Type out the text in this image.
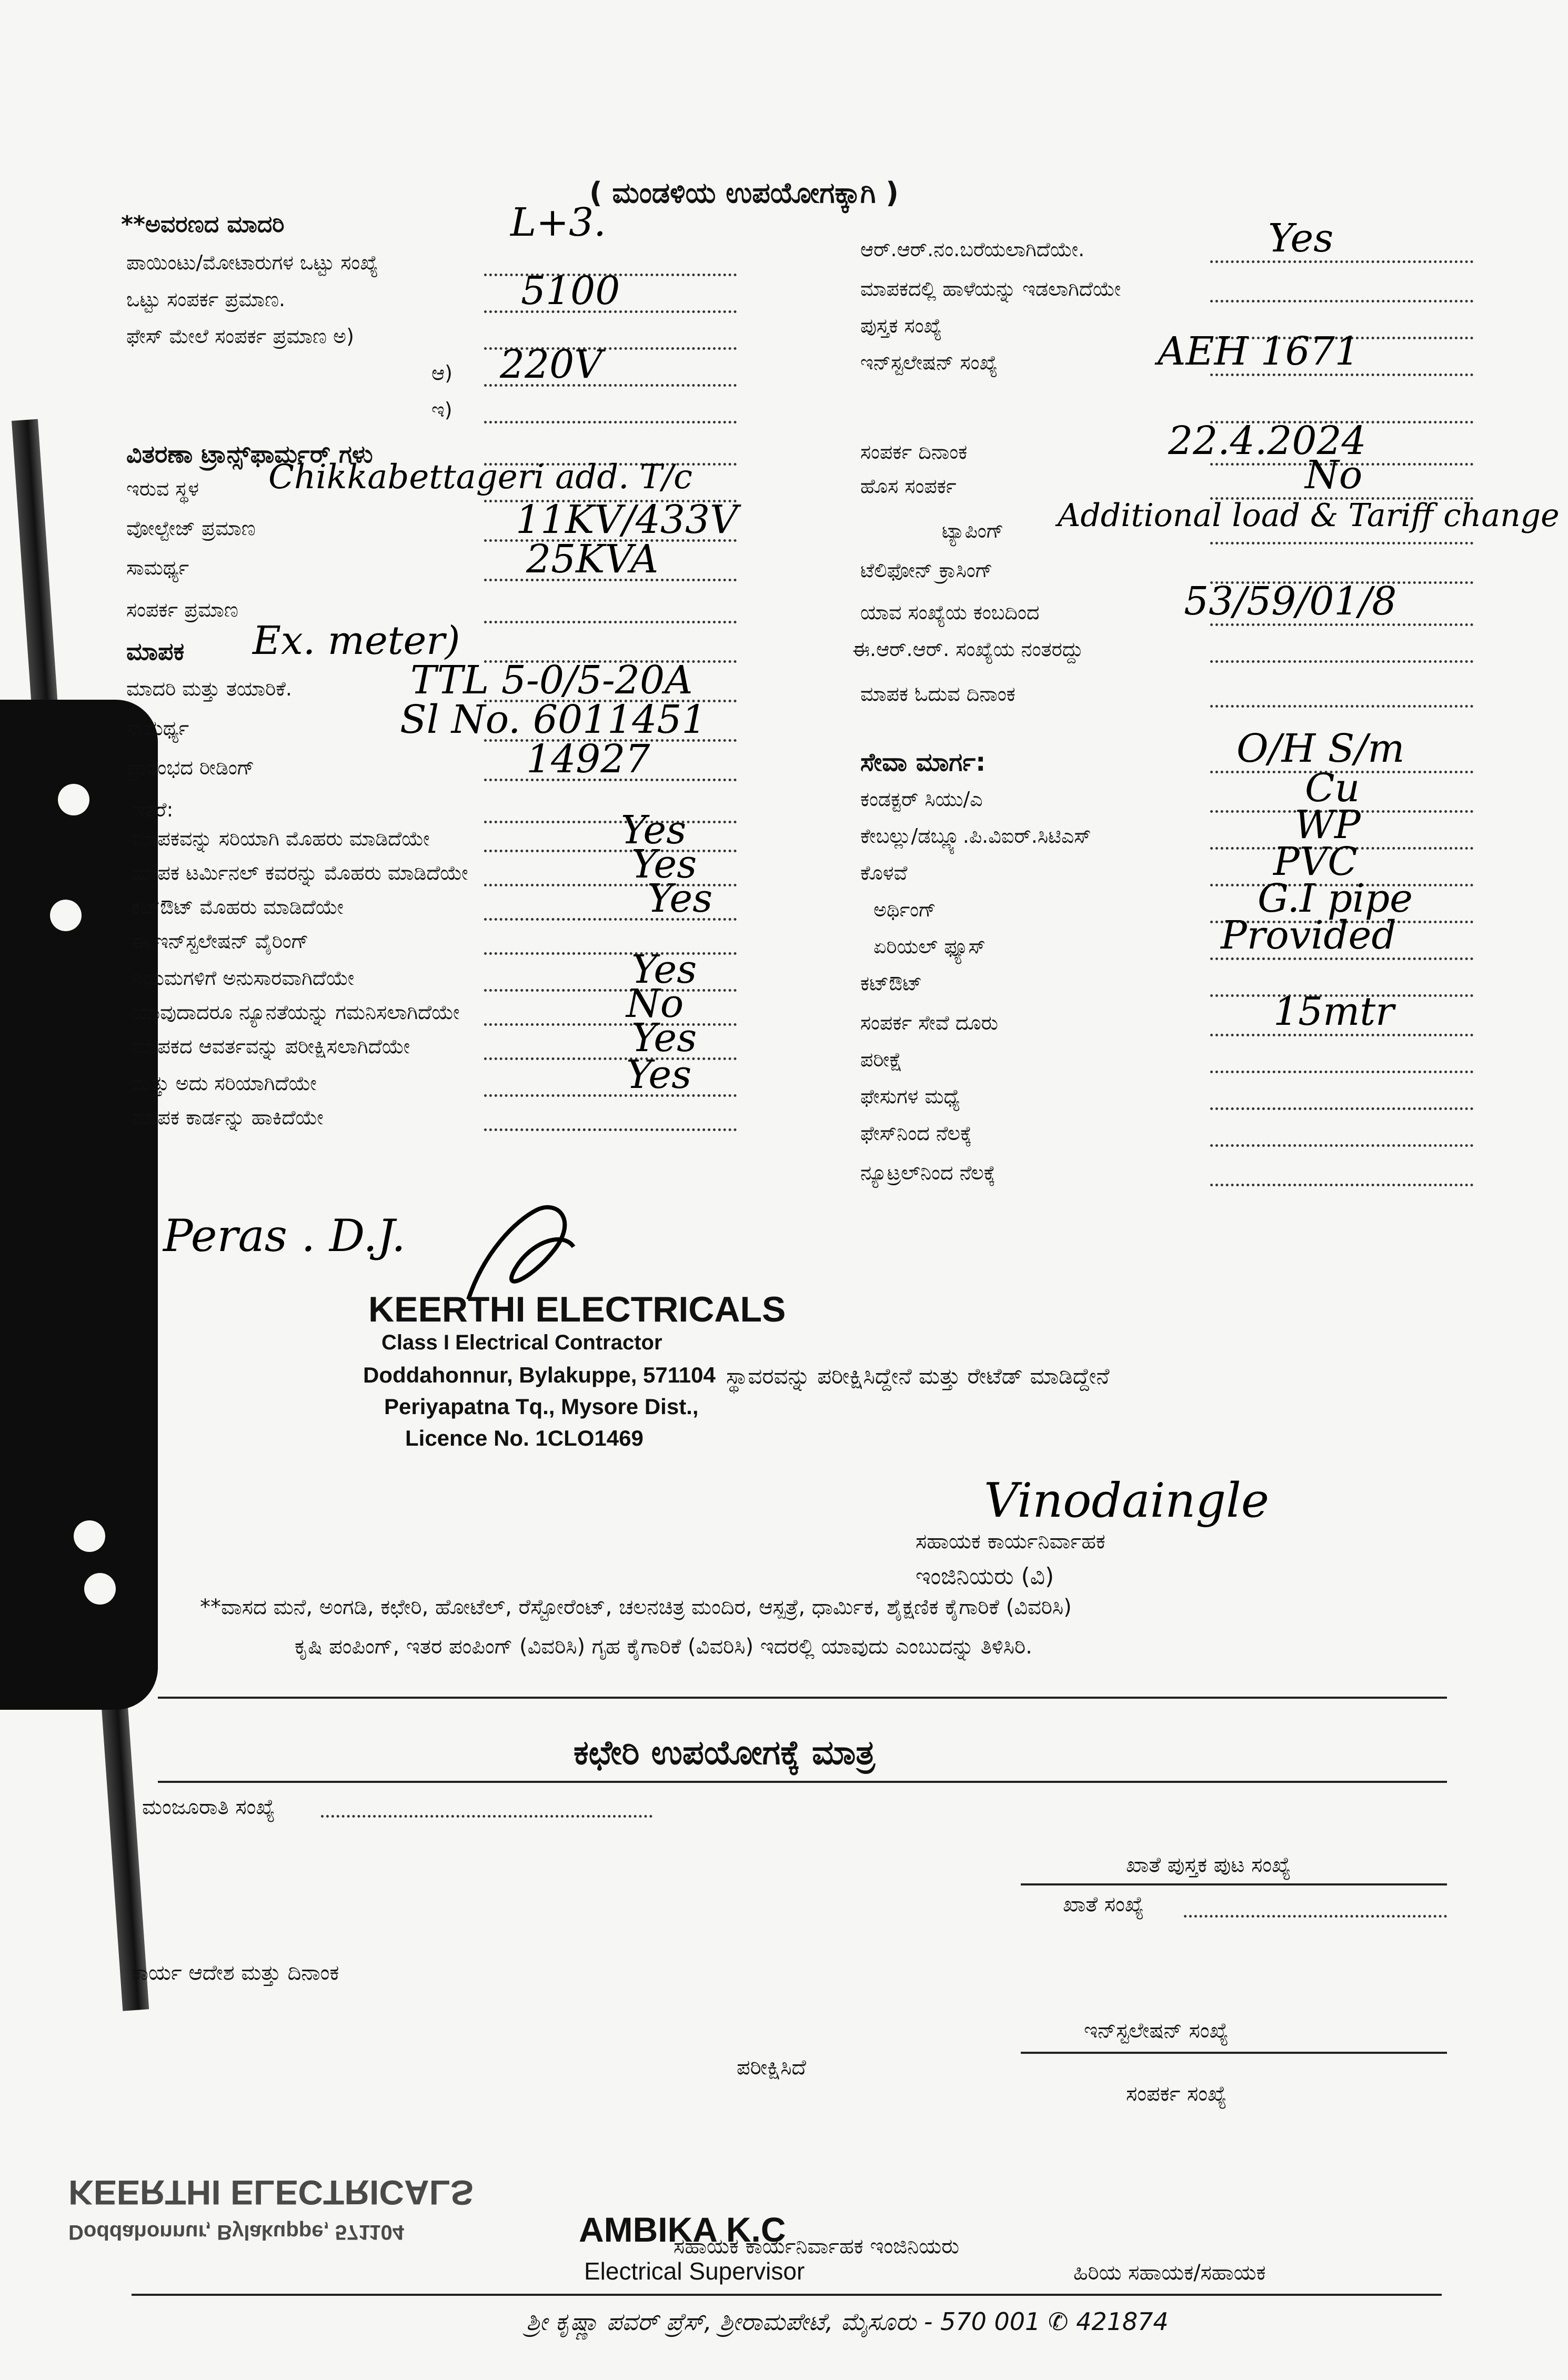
( ಮಂಡಳಿಯ ಉಪಯೋಗಕ್ಕಾಗಿ )
**ಅವರಣದ ಮಾದರಿ	L+3.
ಪಾಯಿಂಟು/ಮೋಟಾರುಗಳ ಒಟ್ಟು ಸಂಖ್ಯೆ
ಒಟ್ಟು ಸಂಪರ್ಕ ಪ್ರಮಾಣ.	5100
ಫೇಸ್ ಮೇಲೆ ಸಂಪರ್ಕ ಪ್ರಮಾಣ ಅ)
ಆ) 220V
ಇ)
ವಿತರಣಾ ಟ್ರಾನ್ಸ್‌ಫಾರ್ಮರ್ ಗಳು
ಇರುವ ಸ್ಥಳ Chikkabettageri add. T/c
ವೋಲ್ಟೇಜ್ ಪ್ರಮಾಣ	11KV/433V
ಸಾಮರ್ಥ್ಯ	25KVA
ಸಂಪರ್ಕ ಪ್ರಮಾಣ
ಮಾಪಕ Ex. meter)
ಮಾದರಿ ಮತ್ತು ತಯಾರಿಕೆ.	TTL 5-0/5-20A
ಸಾಮರ್ಥ್ಯ	Sl No. 6011451
ಪ್ರಾರಂಭದ ರೀಡಿಂಗ್	14927
ಇತರೆ:
ಮಾಪಕವನ್ನು ಸರಿಯಾಗಿ ಮೊಹರು ಮಾಡಿದೆಯೇ	Yes
ಮಾಪಕ ಟರ್ಮಿನಲ್ ಕವರನ್ನು ಮೊಹರು ಮಾಡಿದೆಯೇ	Yes
ಕಟ್‌ಔಟ್ ಮೊಹರು ಮಾಡಿದೆಯೇ	Yes
ಈ ಇನ್‌ಸ್ಟಲೇಷನ್ ವೈರಿಂಗ್
ನಿಯಮಗಳಿಗೆ ಅನುಸಾರವಾಗಿದೆಯೇ	Yes
ಯಾವುದಾದರೂ ನ್ಯೂನತೆಯನ್ನು ಗಮನಿಸಲಾಗಿದೆಯೇ	No
ಮಾಪಕದ ಆವರ್ತವನ್ನು ಪರೀಕ್ಷಿಸಲಾಗಿದೆಯೇ	Yes
ಮತ್ತು ಅದು ಸರಿಯಾಗಿದೆಯೇ	Yes
ಮಾಪಕ ಕಾರ್ಡನ್ನು ಹಾಕಿದೆಯೇ
ಆರ್.ಆರ್.ನಂ.ಬರೆಯಲಾಗಿದೆಯೇ.	Yes
ಮಾಪಕದಲ್ಲಿ ಹಾಳೆಯನ್ನು ಇಡಲಾಗಿದೆಯೇ
ಪುಸ್ತಕ ಸಂಖ್ಯೆ
ಇನ್‌ಸ್ಟಲೇಷನ್ ಸಂಖ್ಯೆ	AEH 1671
ಸಂಪರ್ಕ ದಿನಾಂಕ	22.4.2024
ಹೊಸ ಸಂಪರ್ಕ	No
ಟ್ಯಾಪಿಂಗ್ Additional load & Tariff change
ಟೆಲಿಫೋನ್ ಕ್ರಾಸಿಂಗ್
ಯಾವ ಸಂಖ್ಯೆಯ ಕಂಬದಿಂದ	53/59/01/8
ಈ.ಆರ್.ಆರ್. ಸಂಖ್ಯೆಯ ನಂತರದ್ದು
ಮಾಪಕ ಓದುವ ದಿನಾಂಕ
ಸೇವಾ ಮಾರ್ಗ:	O/H S/m
ಕಂಡಕ್ಟರ್ ಸಿಯು/ಎ	Cu
ಕೇಬಲ್ಲು/ಡಬ್ಲ್ಯೂ.ಪಿ.ವಿಐರ್.ಸಿಟಿಎಸ್	WP
ಕೊಳವೆ	PVC
ಅರ್ಥಿಂಗ್	G.I pipe
ಏರಿಯಲ್ ಫ್ಯೂಸ್	Provided
ಕಟ್‌ಔಟ್
ಸಂಪರ್ಕ ಸೇವೆ ದೂರು	15mtr
ಪರೀಕ್ಷೆ
ಫೇಸುಗಳ ಮಧ್ಯೆ
ಫೇಸ್‌ನಿಂದ ನೆಲಕ್ಕೆ
ನ್ಯೂಟ್ರಲ್‌ನಿಂದ ನೆಲಕ್ಕೆ
Peras . D.J.
KEERTHI ELECTRICALS
Class I Electrical Contractor
Doddahonnur, Bylakuppe, 571104
Periyapatna Tq., Mysore Dist.,
Licence No. 1CLO1469
ಸ್ಥಾವರವನ್ನು ಪರೀಕ್ಷಿಸಿದ್ದೇನೆ ಮತ್ತು ರೇಟೆಡ್ ಮಾಡಿದ್ದೇನೆ
Vinodaingle
ಸಹಾಯಕ ಕಾರ್ಯನಿರ್ವಾಹಕ
ಇಂಜಿನಿಯರು (ವಿ)
**ವಾಸದ ಮನೆ, ಅಂಗಡಿ, ಕಛೇರಿ, ಹೋಟೆಲ್, ರೆಸ್ಟೋರೆಂಟ್, ಚಲನಚಿತ್ರ ಮಂದಿರ, ಆಸ್ಪತ್ರೆ, ಧಾರ್ಮಿಕ, ಶೈಕ್ಷಣಿಕ ಕೈಗಾರಿಕೆ (ವಿವರಿಸಿ)
ಕೃಷಿ ಪಂಪಿಂಗ್, ಇತರ ಪಂಪಿಂಗ್ (ವಿವರಿಸಿ) ಗೃಹ ಕೈಗಾರಿಕೆ (ವಿವರಿಸಿ) ಇದರಲ್ಲಿ ಯಾವುದು ಎಂಬುದನ್ನು ತಿಳಿಸಿರಿ.
ಕಛೇರಿ ಉಪಯೋಗಕ್ಕೆ ಮಾತ್ರ
ಮಂಜೂರಾತಿ ಸಂಖ್ಯೆ
ಖಾತೆ ಪುಸ್ತಕ ಪುಟ ಸಂಖ್ಯೆ
ಖಾತೆ ಸಂಖ್ಯೆ
ಕಾರ್ಯ ಆದೇಶ ಮತ್ತು ದಿನಾಂಕ
ಇನ್‌ಸ್ಟಲೇಷನ್ ಸಂಖ್ಯೆ
ಪರೀಕ್ಷಿಸಿದೆ
ಸಂಪರ್ಕ ಸಂಖ್ಯೆ
KEERTHI ELECTRICALS
Doddahonnur, Bylakuppe, 571104	AMBIKA K.C
ಸಹಾಯಕ ಕಾರ್ಯನಿರ್ವಾಹಕ ಇಂಜಿನಿಯರು
Electrical Supervisor	ಹಿರಿಯ ಸಹಾಯಕ/ಸಹಾಯಕ
ಶ್ರೀ ಕೃಷ್ಣಾ ಪವರ್ ಪ್ರೆಸ್, ಶ್ರೀರಾಮಪೇಟೆ, ಮೈಸೂರು - 570 001 ✆ 421874
